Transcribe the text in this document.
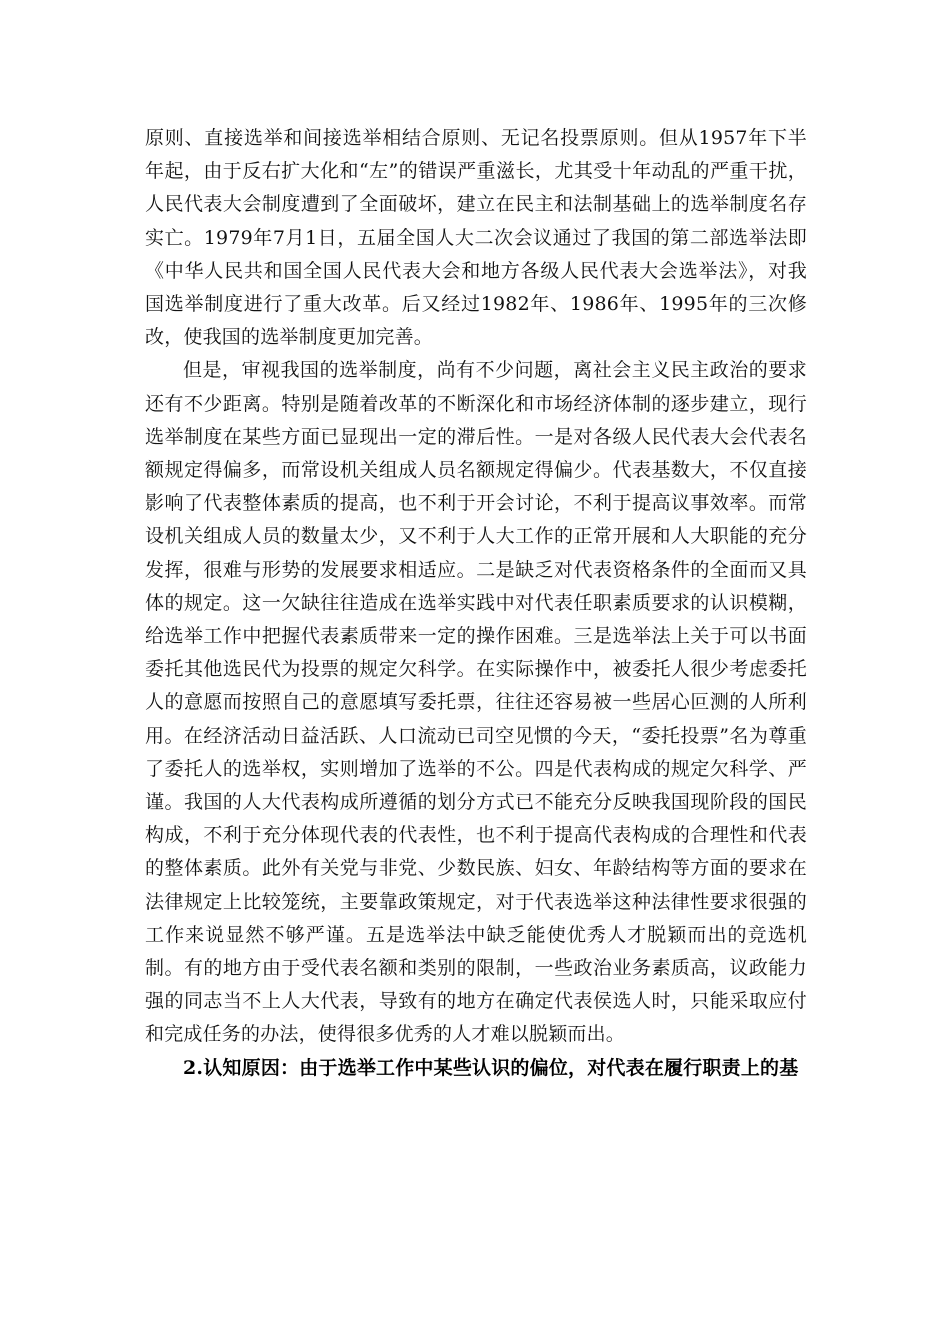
原则、直接选举和间接选举相结合原则、无记名投票原则。但从1957年下半年起，由于反右扩大化和“左”的错误严重滋长，尤其受十年动乱的严重干扰，人民代表大会制度遭到了全面破坏，建立在民主和法制基础上的选举制度名存实亡。1979年7月1日，五届全国人大二次会议通过了我国的第二部选举法即《中华人民共和国全国人民代表大会和地方各级人民代表大会选举法》，对我国选举制度进行了重大改革。后又经过1982年、1986年、1995年的三次修改，使我国的选举制度更加完善。

但是，审视我国的选举制度，尚有不少问题，离社会主义民主政治的要求还有不少距离。特别是随着改革的不断深化和市场经济体制的逐步建立，现行选举制度在某些方面已显现出一定的滞后性。一是对各级人民代表大会代表名额规定得偏多，而常设机关组成人员名额规定得偏少。代表基数大，不仅直接影响了代表整体素质的提高，也不利于开会讨论，不利于提高议事效率。而常设机关组成人员的数量太少，又不利于人大工作的正常开展和人大职能的充分发挥，很难与形势的发展要求相适应。二是缺乏对代表资格条件的全面而又具体的规定。这一欠缺往往造成在选举实践中对代表任职素质要求的认识模糊，给选举工作中把握代表素质带来一定的操作困难。三是选举法上关于可以书面委托其他选民代为投票的规定欠科学。在实际操作中，被委托人很少考虑委托人的意愿而按照自己的意愿填写委托票，往往还容易被一些居心叵测的人所利用。在经济活动日益活跃、人口流动已司空见惯的今天，“委托投票”名为尊重了委托人的选举权，实则增加了选举的不公。四是代表构成的规定欠科学、严谨。我国的人大代表构成所遵循的划分方式已不能充分反映我国现阶段的国民构成，不利于充分体现代表的代表性，也不利于提高代表构成的合理性和代表的整体素质。此外有关党与非党、少数民族、妇女、年龄结构等方面的要求在法律规定上比较笼统，主要靠政策规定，对于代表选举这种法律性要求很强的工作来说显然不够严谨。五是选举法中缺乏能使优秀人才脱颖而出的竞选机制。有的地方由于受代表名额和类别的限制，一些政治业务素质高，议政能力强的同志当不上人大代表，导致有的地方在确定代表侯选人时，只能采取应付和完成任务的办法，使得很多优秀的人才难以脱颖而出。

2.认知原因：由于选举工作中某些认识的偏位，对代表在履行职责上的基
